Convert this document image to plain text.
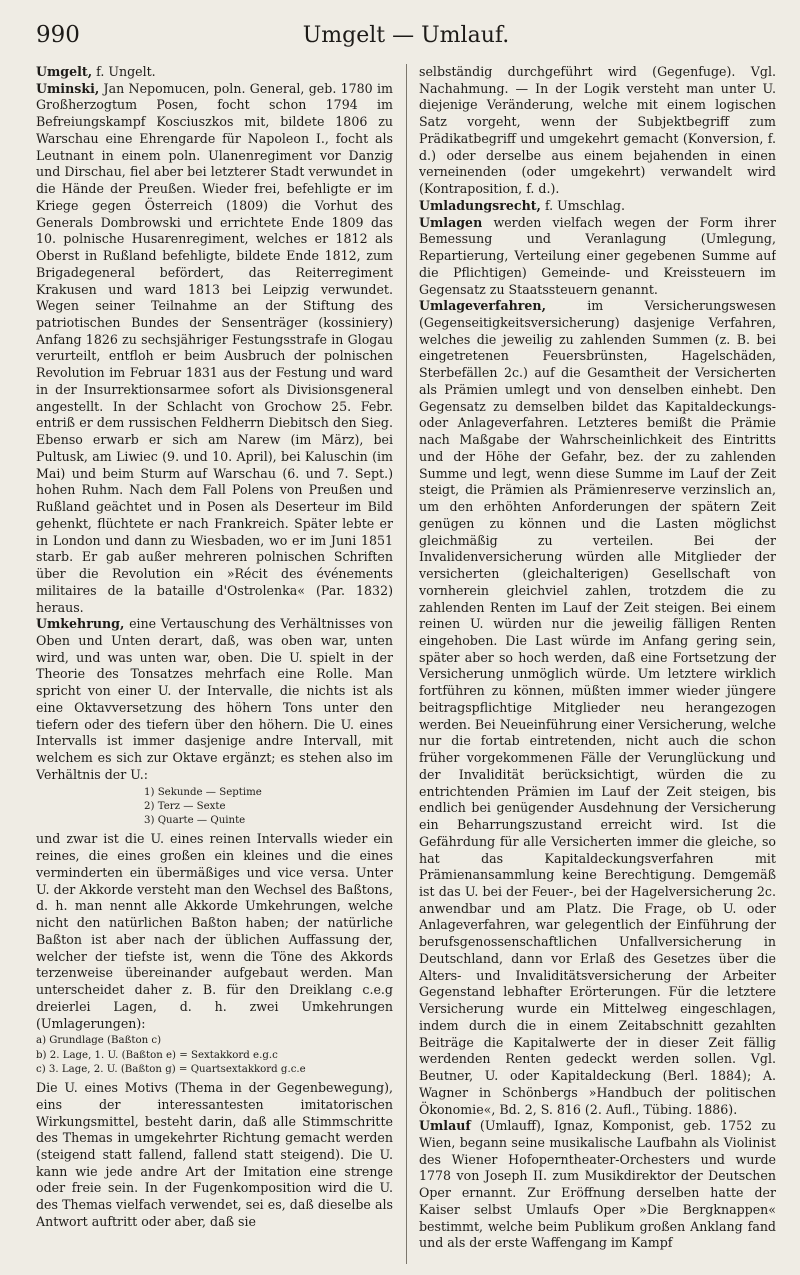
990	Umgelt — Umlauf.

Umgelt, f. Ungelt.

Uminski, Jan Nepomucen, poln. General, geb. 1780 im Großherzogtum Posen, focht schon 1794 im Befreiungskampf Kosciuszkos mit, bildete 1806 zu Warschau eine Ehrengarde für Napoleon I., focht als Leutnant in einem poln. Ulanenregiment vor Danzig und Dirschau, fiel aber bei letzterer Stadt verwundet in die Hände der Preußen. Wieder frei, befehligte er im Kriege gegen Österreich (1809) die Vorhut des Generals Dombrowski und errichtete Ende 1809 das 10. polnische Husarenregiment, welches er 1812 als Oberst in Rußland befehligte, bildete Ende 1812, zum Brigadegeneral befördert, das Reiterregiment Krakusen und ward 1813 bei Leipzig verwundet. Wegen seiner Teilnahme an der Stiftung des patriotischen Bundes der Sensenträger (kossiniery) Anfang 1826 zu sechsjähriger Festungsstrafe in Glogau verurteilt, entfloh er beim Ausbruch der polnischen Revolution im Februar 1831 aus der Festung und ward in der Insurrektionsarmee sofort als Divisionsgeneral angestellt. In der Schlacht von Grochow 25. Febr. entriß er dem russischen Feldherrn Diebitsch den Sieg. Ebenso erwarb er sich am Narew (im März), bei Pultusk, am Liwiec (9. und 10. April), bei Kaluschin (im Mai) und beim Sturm auf Warschau (6. und 7. Sept.) hohen Ruhm. Nach dem Fall Polens von Preußen und Rußland geächtet und in Posen als Deserteur im Bild gehenkt, flüchtete er nach Frankreich. Später lebte er in London und dann zu Wiesbaden, wo er im Juni 1851 starb. Er gab außer mehreren polnischen Schriften über die Revolution ein »Récit des événements militaires de la bataille d'Ostrolenka« (Par. 1832) heraus.

Umkehrung, eine Vertauschung des Verhältnisses von Oben und Unten derart, daß, was oben war, unten wird, und was unten war, oben. Die U. spielt in der Theorie des Tonsatzes mehrfach eine Rolle. Man spricht von einer U. der Intervalle, die nichts ist als eine Oktavversetzung des höhern Tons unter den tiefern oder des tiefern über den höhern. Die U. eines Intervalls ist immer dasjenige andre Intervall, mit welchem es sich zur Oktave ergänzt; es stehen also im Verhältnis der U.:

1) Sekunde — Septime
2) Terz — Sexte
3) Quarte — Quinte

und zwar ist die U. eines reinen Intervalls wieder ein reines, die eines großen ein kleines und die eines verminderten ein übermäßiges und vice versa. Unter U. der Akkorde versteht man den Wechsel des Baßtons, d. h. man nennt alle Akkorde Umkehrungen, welche nicht den natürlichen Baßton haben; der natürliche Baßton ist aber nach der üblichen Auffassung der, welcher der tiefste ist, wenn die Töne des Akkords terzenweise übereinander aufgebaut werden. Man unterscheidet daher z. B. für den Dreiklang c.e.g dreierlei Lagen, d. h. zwei Umkehrungen (Umlagerungen):

a) Grundlage (Baßton c)
b) 2. Lage, 1. U. (Baßton e) = Sextakkord e.g.c
c) 3. Lage, 2. U. (Baßton g) = Quartsextakkord g.c.e

Die U. eines Motivs (Thema in der Gegenbewegung), eins der interessantesten imitatorischen Wirkungsmittel, besteht darin, daß alle Stimmschritte des Themas in umgekehrter Richtung gemacht werden (steigend statt fallend, fallend statt steigend). Die U. kann wie jede andre Art der Imitation eine strenge oder freie sein. In der Fugenkomposition wird die U. des Themas vielfach verwendet, sei es, daß dieselbe als Antwort auftritt oder aber, daß sie

selbständig durchgeführt wird (Gegenfuge). Vgl. Nachahmung. — In der Logik versteht man unter U. diejenige Veränderung, welche mit einem logischen Satz vorgeht, wenn der Subjektbegriff zum Prädikatbegriff und umgekehrt gemacht (Konversion, f. d.) oder derselbe aus einem bejahenden in einen verneinenden (oder umgekehrt) verwandelt wird (Kontraposition, f. d.).

Umladungsrecht, f. Umschlag.

Umlagen werden vielfach wegen der Form ihrer Bemessung und Veranlagung (Umlegung, Repartierung, Verteilung einer gegebenen Summe auf die Pflichtigen) Gemeinde- und Kreissteuern im Gegensatz zu Staatssteuern genannt.

Umlageverfahren, im Versicherungswesen (Gegenseitigkeitsversicherung) dasjenige Verfahren, welches die jeweilig zu zahlenden Summen (z. B. bei eingetretenen Feuersbrünsten, Hagelschäden, Sterbefällen 2c.) auf die Gesamtheit der Versicherten als Prämien umlegt und von denselben einhebt. Den Gegensatz zu demselben bildet das Kapitaldeckungs- oder Anlageverfahren. Letzteres bemißt die Prämie nach Maßgabe der Wahrscheinlichkeit des Eintritts und der Höhe der Gefahr, bez. der zu zahlenden Summe und legt, wenn diese Summe im Lauf der Zeit steigt, die Prämien als Prämienreserve verzinslich an, um den erhöhten Anforderungen der spätern Zeit genügen zu können und die Lasten möglichst gleichmäßig zu verteilen. Bei der Invalidenversicherung würden alle Mitglieder der versicherten (gleichalterigen) Gesellschaft von vornherein gleichviel zahlen, trotzdem die zu zahlenden Renten im Lauf der Zeit steigen. Bei einem reinen U. würden nur die jeweilig fälligen Renten eingehoben. Die Last würde im Anfang gering sein, später aber so hoch werden, daß eine Fortsetzung der Versicherung unmöglich würde. Um letztere wirklich fortführen zu können, müßten immer wieder jüngere beitragspflichtige Mitglieder neu herangezogen werden. Bei Neueinführung einer Versicherung, welche nur die fortab eintretenden, nicht auch die schon früher vorgekommenen Fälle der Verunglückung und der Invalidität berücksichtigt, würden die zu entrichtenden Prämien im Lauf der Zeit steigen, bis endlich bei genügender Ausdehnung der Versicherung ein Beharrungszustand erreicht wird. Ist die Gefährdung für alle Versicherten immer die gleiche, so hat das Kapitaldeckungsverfahren mit Prämienansammlung keine Berechtigung. Demgemäß ist das U. bei der Feuer-, bei der Hagelversicherung 2c. anwendbar und am Platz. Die Frage, ob U. oder Anlageverfahren, war gelegentlich der Einführung der berufsgenossenschaftlichen Unfallversicherung in Deutschland, dann vor Erlaß des Gesetzes über die Alters- und Invaliditätsversicherung der Arbeiter Gegenstand lebhafter Erörterungen. Für die letztere Versicherung wurde ein Mittelweg eingeschlagen, indem durch die in einem Zeitabschnitt gezahlten Beiträge die Kapitalwerte der in dieser Zeit fällig werdenden Renten gedeckt werden sollen. Vgl. Beutner, U. oder Kapitaldeckung (Berl. 1884); A. Wagner in Schönbergs »Handbuch der politischen Ökonomie«, Bd. 2, S. 816 (2. Aufl., Tübing. 1886).

Umlauf (Umlauff), Ignaz, Komponist, geb. 1752 zu Wien, begann seine musikalische Laufbahn als Violinist des Wiener Hofoperntheater-Orchesters und wurde 1778 von Joseph II. zum Musikdirektor der Deutschen Oper ernannt. Zur Eröffnung derselben hatte der Kaiser selbst Umlaufs Oper »Die Bergknappen« bestimmt, welche beim Publikum großen Anklang fand und als der erste Waffengang im Kampf
